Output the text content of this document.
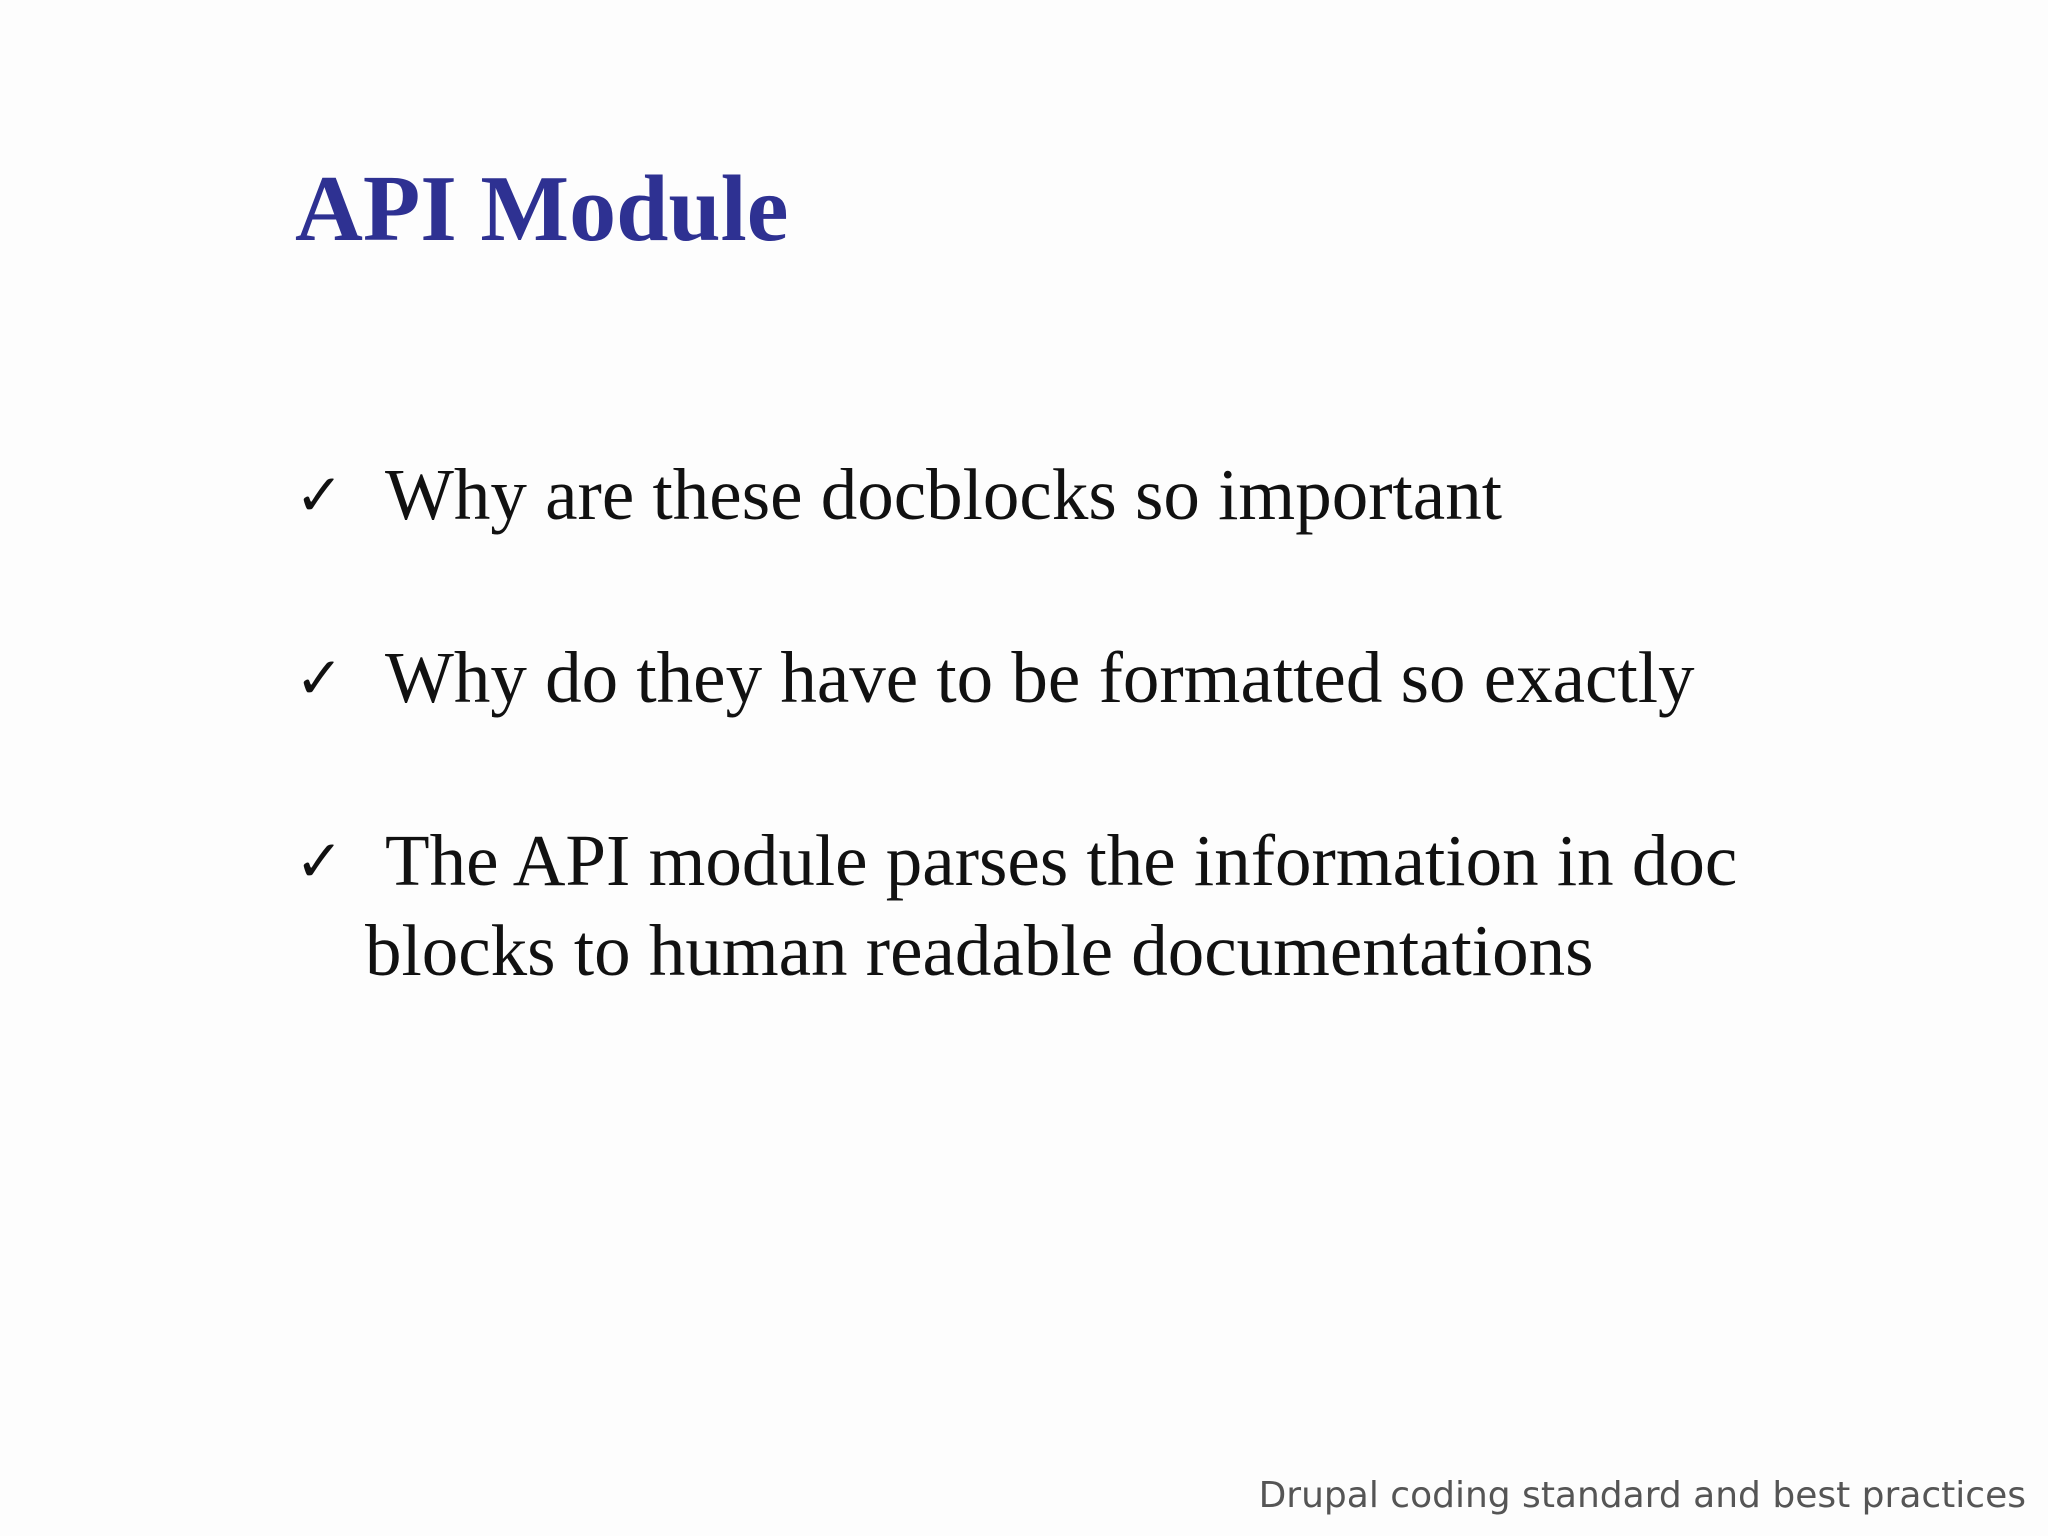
API Module
✓ Why are these docblocks so important
✓ Why do they have to be formatted so exactly
✓ The API module parses the information in doc
blocks to human readable documentations
Drupal coding standard and best practices
